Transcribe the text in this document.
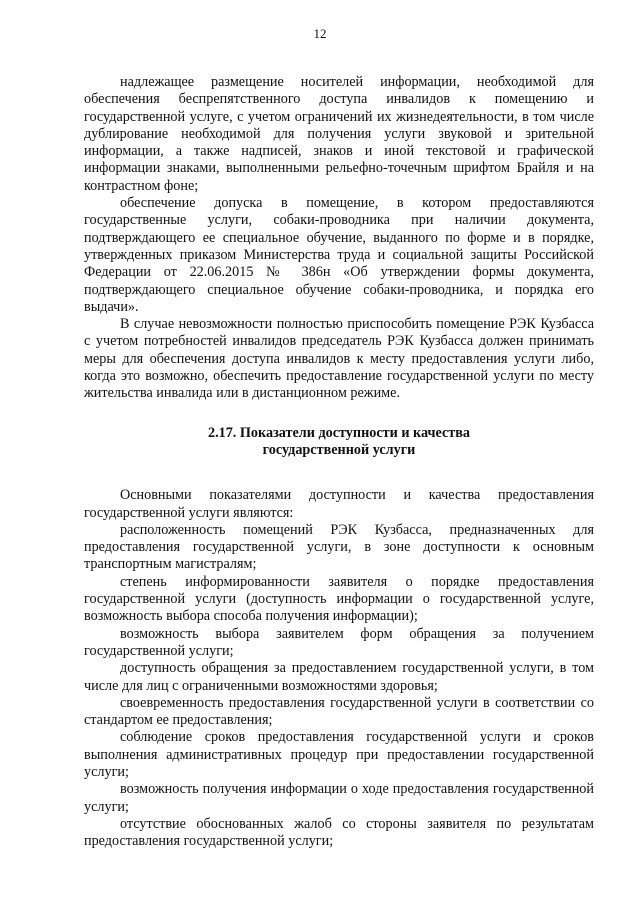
12

надлежащее размещение носителей информации, необходимой для обеспечения беспрепятственного доступа инвалидов к помещению и государственной услуге, с учетом ограничений их жизнедеятельности, в том числе дублирование необходимой для получения услуги звуковой и зрительной информации, а также надписей, знаков и иной текстовой и графической информации знаками, выполненными рельефно-точечным шрифтом Брайля и на контрастном фоне;

обеспечение допуска в помещение, в котором предоставляются государственные услуги, собаки-проводника при наличии документа, подтверждающего ее специальное обучение, выданного по форме и в порядке, утвержденных приказом Министерства труда и социальной защиты Российской Федерации от 22.06.2015 № 386н «Об утверждении формы документа, подтверждающего специальное обучение собаки-проводника, и порядка его выдачи».

В случае невозможности полностью приспособить помещение РЭК Кузбасса с учетом потребностей инвалидов председатель РЭК Кузбасса должен принимать меры для обеспечения доступа инвалидов к месту предоставления услуги либо, когда это возможно, обеспечить предоставление государственной услуги по месту жительства инвалида или в дистанционном режиме.

2.17. Показатели доступности и качества
государственной услуги

Основными показателями доступности и качества предоставления государственной услуги являются:

расположенность помещений РЭК Кузбасса, предназначенных для предоставления государственной услуги, в зоне доступности к основным транспортным магистралям;

степень информированности заявителя о порядке предоставления государственной услуги (доступность информации о государственной услуге, возможность выбора способа получения информации);

возможность выбора заявителем форм обращения за получением государственной услуги;

доступность обращения за предоставлением государственной услуги, в том числе для лиц с ограниченными возможностями здоровья;

своевременность предоставления государственной услуги в соответствии со стандартом ее предоставления;

соблюдение сроков предоставления государственной услуги и сроков выполнения административных процедур при предоставлении государственной услуги;

возможность получения информации о ходе предоставления государственной услуги;

отсутствие обоснованных жалоб со стороны заявителя по результатам предоставления государственной услуги;
